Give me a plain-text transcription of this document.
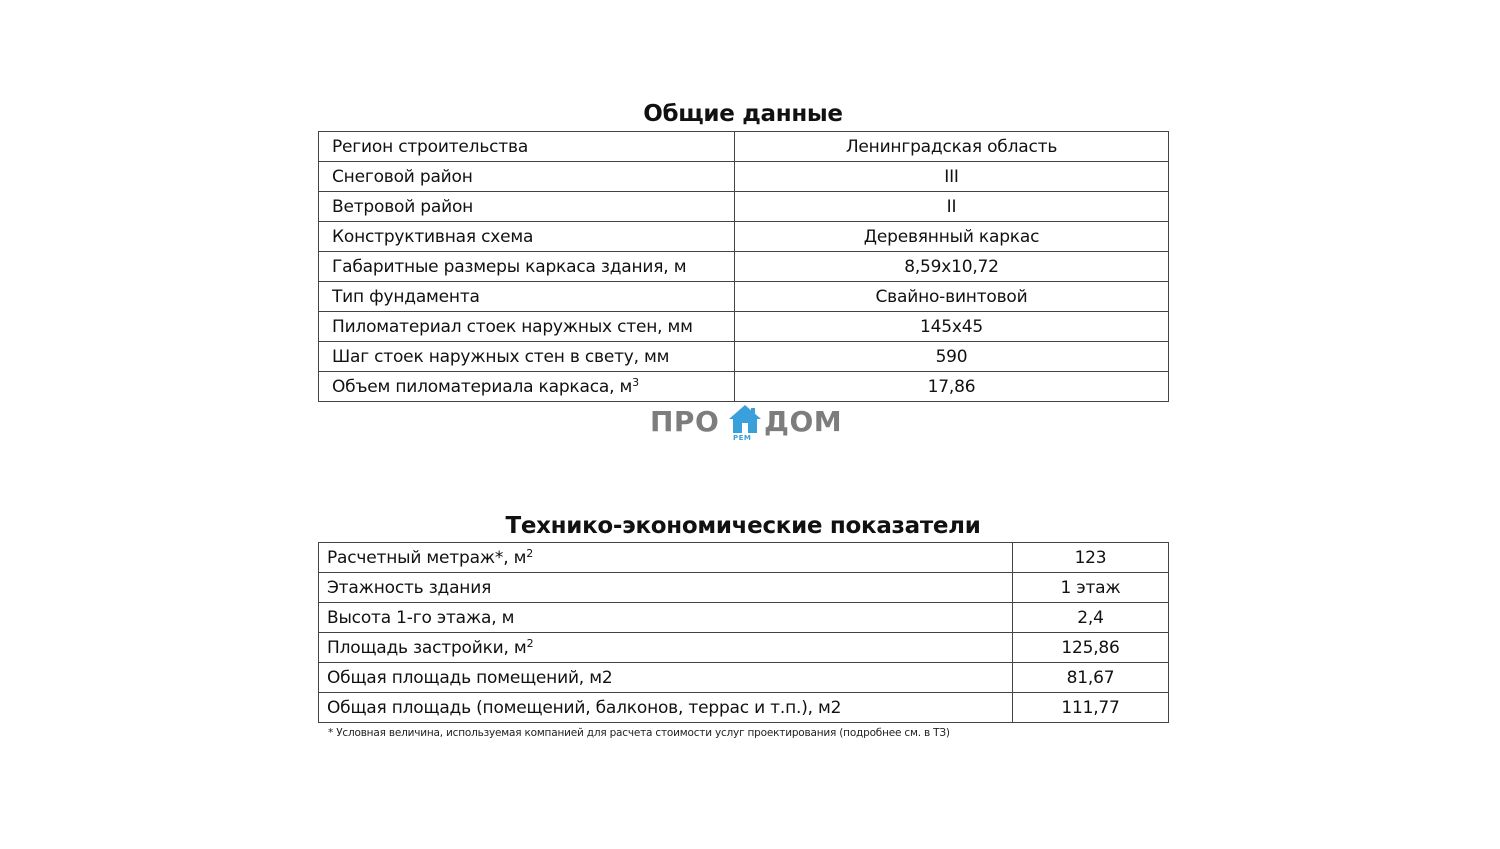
Общие данные
Регион строительства	Ленинградская область
Снеговой район	III
Ветровой район	II
Конструктивная схема	Деревянный каркас
Габаритные размеры каркаса здания, м	8,59х10,72
Тип фундамента	Свайно-винтовой
Пиломатериал стоек наружных стен, мм	145х45
Шаг стоек наружных стен в свету, мм	590
Объем пиломатериала каркаса, $м^3$	17,86
ПРО РЕМ ДОМ
Технико-экономические показатели
Расчетный метраж*, $м^2$	123
Этажность здания	1 этаж
Высота 1-го этажа, м	2,4
Площадь застройки, $м^2$	125,86
Общая площадь помещений, м2	81,67
Общая площадь (помещений, балконов, террас и т.п.), м2	111,77
* Условная величина, используемая компанией для расчета стоимости услуг проектирования (подробнее см. в ТЗ)
